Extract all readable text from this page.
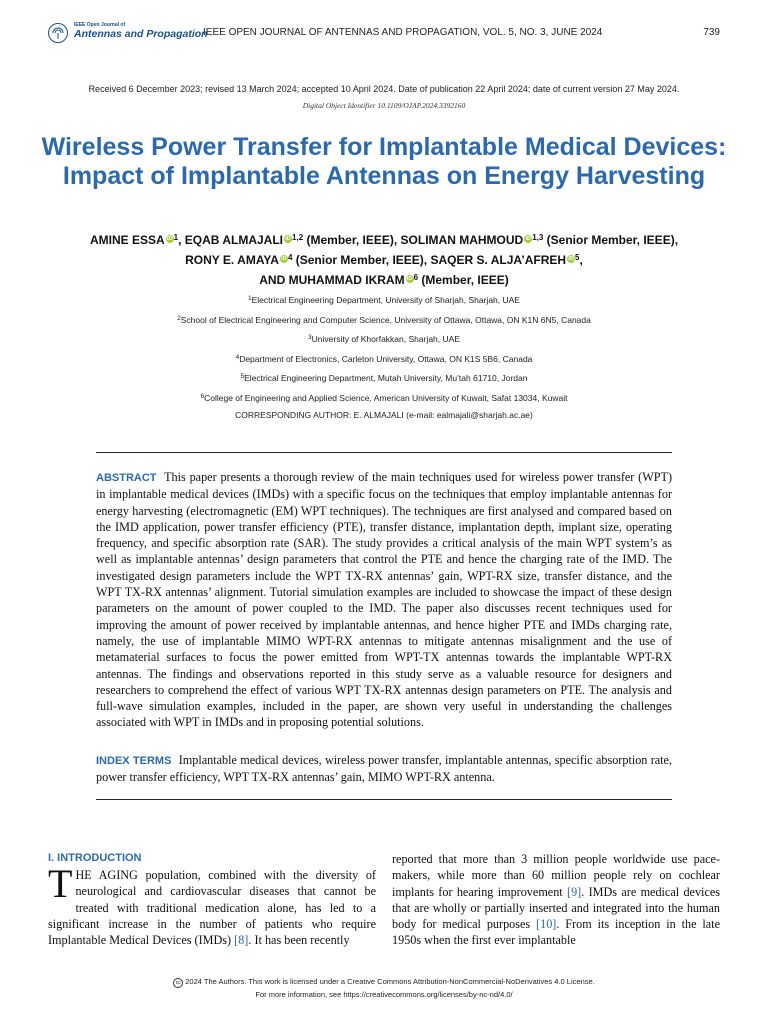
IEEE Open Journal of
Antennas and Propagation
IEEE OPEN JOURNAL OF ANTENNAS AND PROPAGATION, VOL. 5, NO. 3, JUNE 2024	739
Received 6 December 2023; revised 13 March 2024; accepted 10 April 2024. Date of publication 22 April 2024; date of current version 27 May 2024.
Digital Object Identifier 10.1109/OJAP.2024.3392160
Wireless Power Transfer for Implantable Medical Devices: Impact of Implantable Antennas on Energy Harvesting
AMINE ESSA $iD^1$, EQAB ALMAJALI iD$^{1,2}$ (Member, IEEE), SOLIMAN MAHMOUD iD$^{1,3}$ (Senior Member, IEEE),
RONY E. AMAYA $iD^4$ (Senior Member, IEEE), SAQER S. ALJA’AFREH $iD^5$,
AND MUHAMMAD IKRAM $iD^6$ (Member, IEEE)
$^1$Electrical Engineering Department, University of Sharjah, Sharjah, UAE
$^2$School of Electrical Engineering and Computer Science, University of Ottawa, Ottawa, ON K1N 6N5, Canada
$^3$University of Khorfakkan, Sharjah, UAE
$^4$Department of Electronics, Carleton University, Ottawa, ON K1S 5B6, Canada
$^5$Electrical Engineering Department, Mutah University, Mu’tah 61710, Jordan
$^6$College of Engineering and Applied Science, American University of Kuwait, Safat 13034, Kuwait
CORRESPONDING AUTHOR: E. ALMAJALI (e-mail: ealmajali@sharjah.ac.ae)

ABSTRACT This paper presents a thorough review of the main techniques used for wireless power transfer (WPT) in implantable medical devices (IMDs) with a specific focus on the techniques that employ implantable antennas for energy harvesting (electromagnetic (EM) WPT techniques). The techniques are first analysed and compared based on the IMD application, power transfer efficiency (PTE), transfer distance, implantation depth, implant size, operating frequency, and specific absorption rate (SAR). The study provides a critical analysis of the main WPT system’s as well as implantable antennas’ design parameters that control the PTE and hence the charging rate of the IMD. The investigated design parameters include the WPT TX-RX antennas’ gain, WPT-RX size, transfer distance, and the WPT TX-RX antennas’ alignment. Tutorial simulation examples are included to showcase the impact of these design parameters on the amount of power coupled to the IMD. The paper also discusses recent techniques used for improving the amount of power received by implantable antennas, and hence higher PTE and IMDs charging rate, namely, the use of implantable MIMO WPT-RX antennas to mitigate antennas misalignment and the use of metamaterial surfaces to focus the power emitted from WPT-TX antennas towards the implantable WPT-RX antennas. The findings and observations reported in this study serve as a valuable resource for designers and researchers to comprehend the effect of various WPT TX-RX antennas design parameters on PTE. The analysis and full-wave simulation examples, included in the paper, are shown very useful in understanding the challenges associated with WPT in IMDs and in proposing potential solutions.

INDEX TERMS Implantable medical devices, wireless power transfer, implantable antennas, specific absorption rate, power transfer efficiency, WPT TX-RX antennas’ gain, MIMO WPT-RX antenna.

I. INTRODUCTION
THE AGING population, combined with the diversity of neurological and cardiovascular diseases that cannot be treated with traditional medication alone, has led to a significant increase in the number of patients who require Implantable Medical Devices (IMDs) [8]. It has been recently
reported that more than 3 million people worldwide use pace-makers, while more than 60 million people rely on cochlear implants for hearing improvement [9]. IMDs are medical devices that are wholly or partially inserted and integrated into the human body for medical purposes [10]. From its inception in the late 1950s when the first ever implantable
cc 2024 The Authors. This work is licensed under a Creative Commons Attribution-NonCommercial-NoDerivatives 4.0 License.
For more information, see https://creativecommons.org/licenses/by-nc-nd/4.0/
